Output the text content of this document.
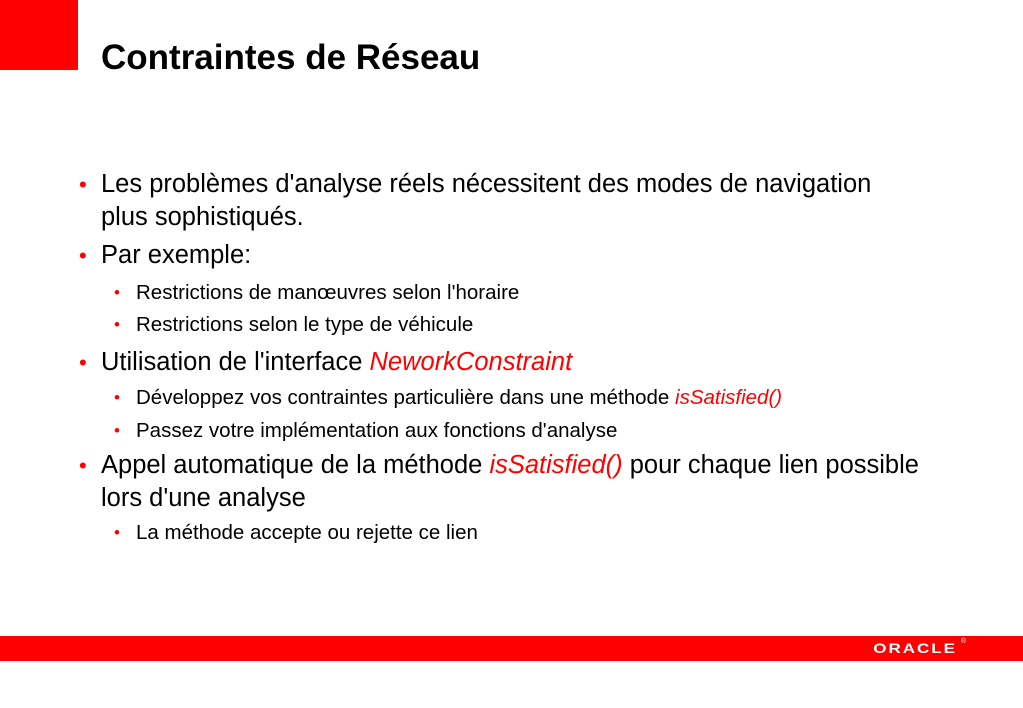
Contraintes de Réseau
• Les problèmes d'analyse réels nécessitent des modes de navigation plus sophistiqués.
• Par exemple:
• Restrictions de manœuvres selon l'horaire
• Restrictions selon le type de véhicule
• Utilisation de l'interface NeworkConstraint
• Développez vos contraintes particulière dans une méthode isSatisfied()
• Passez votre implémentation aux fonctions d'analyse
• Appel automatique de la méthode isSatisfied() pour chaque lien possible lors d'une analyse
• La méthode accepte ou rejette ce lien
ORACLE ®
